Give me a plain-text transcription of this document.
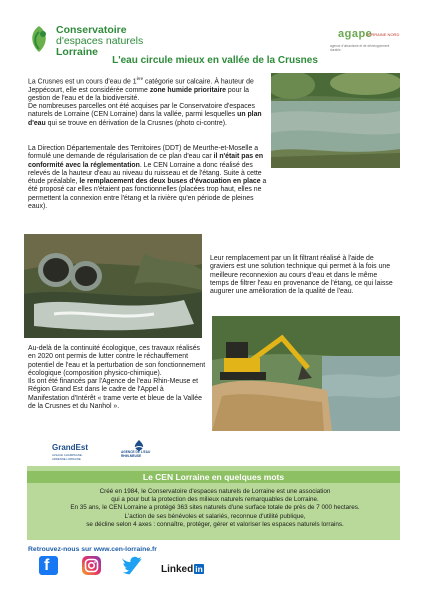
Conservatoire
d'espaces naturels
Lorraine
agape
LORRAINE NORD
agence d'urbanisme et de développement durable
L'eau circule mieux en vallée de la Crusnes
La Crusnes est un cours d'eau de 1ère catégorie sur calcaire. À hauteur de Jeppécourt, elle est considérée comme zone humide prioritaire pour la gestion de l'eau et de la biodiversité.
De nombreuses parcelles ont été acquises par le Conservatoire d'espaces naturels de Lorraine (CEN Lorraine) dans la vallée, parmi lesquelles un plan d'eau qui se trouve en dérivation de la Crusnes (photo ci-contre).
La Direction Départementale des Territoires (DDT) de Meurthe-et-Moselle a formulé une demande de régularisation de ce plan d'eau car il n'était pas en conformité avec la réglementation. Le CEN Lorraine a donc réalisé des relevés de la hauteur d'eau au niveau du ruisseau et de l'étang. Suite à cette étude préalable, le remplacement des deux buses d'évacuation en place a été proposé car elles n'étaient pas fonctionnelles (placées trop haut, elles ne permettent la connexion entre l'étang et la rivière qu'en période de pleines eaux).
Leur remplacement par un lit filtrant réalisé à l'aide de graviers est une solution technique qui permet à la fois une meilleure reconnexion au cours d'eau et dans le même temps de filtrer l'eau en provenance de l'étang, ce qui laisse augurer une amélioration de la qualité de l'eau.
Au-delà de la continuité écologique, ces travaux réalisés en 2020 ont permis de lutter contre le réchauffement potentiel de l'eau et la perturbation de son fonctionnement écologique (composition physico-chimique).
Ils ont été financés par l'Agence de l'eau Rhin-Meuse et Région Grand Est dans le cadre de l'Appel à Manifestation d'Intérêt « trame verte et bleue de la Vallée de la Crusnes et du Nanhol ».
GrandEst
ALSACE CHAMPAGNE-ARDENNE LORRAINE
AGENCE DE L'EAU RHIN-MEUSE
Le CEN Lorraine en quelques mots
Créé en 1984, le Conservatoire d'espaces naturels de Lorraine est une association
qui a pour but la protection des milieux naturels remarquables de Lorraine.
En 35 ans, le CEN Lorraine a protégé 363 sites naturels d'une surface totale de près de 7 000 hectares.
L'action de ses bénévoles et salariés, reconnue d'utilité publique,
se décline selon 4 axes : connaître, protéger, gérer et valoriser les espaces naturels lorrains.
Retrouvez-nous sur www.cen-lorraine.fr
f	Linked in
